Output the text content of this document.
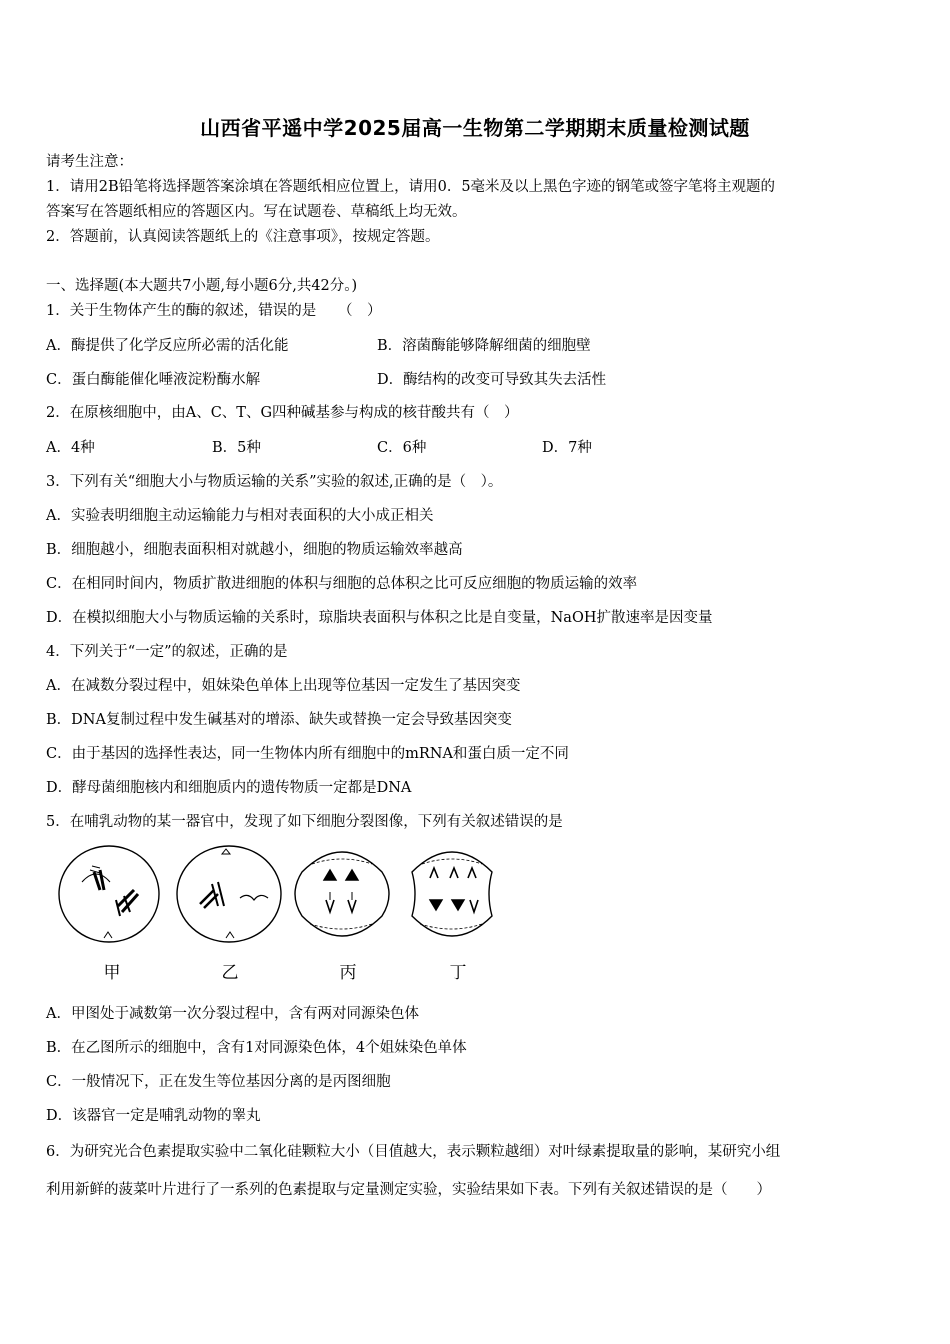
山西省平遥中学2025届高一生物第二学期期末质量检测试题
请考生注意：
1．请用2B铅笔将选择题答案涂填在答题纸相应位置上，请用0．5毫米及以上黑色字迹的钢笔或签字笔将主观题的
答案写在答题纸相应的答题区内。写在试题卷、草稿纸上均无效。
2．答题前，认真阅读答题纸上的《注意事项》，按规定答题。
一、选择题(本大题共7小题,每小题6分,共42分。)
1．关于生物体产生的酶的叙述，错误的是　　（　）
A．酶提供了化学反应所必需的活化能	B．溶菌酶能够降解细菌的细胞壁
C．蛋白酶能催化唾液淀粉酶水解	D．酶结构的改变可导致其失去活性
2．在原核细胞中，由A、C、T、G四种碱基参与构成的核苷酸共有（　）
A．4种	B．5种	C．6种	D．7种
3．下列有关“细胞大小与物质运输的关系”实验的叙述,正确的是（　）。
A．实验表明细胞主动运输能力与相对表面积的大小成正相关
B．细胞越小，细胞表面积相对就越小，细胞的物质运输效率越高
C．在相同时间内，物质扩散进细胞的体积与细胞的总体积之比可反应细胞的物质运输的效率
D．在模拟细胞大小与物质运输的关系时，琼脂块表面积与体积之比是自变量，NaOH扩散速率是因变量
4．下列关于“一定”的叙述，正确的是
A．在减数分裂过程中，姐妹染色单体上出现等位基因一定发生了基因突变
B．DNA复制过程中发生碱基对的增添、缺失或替换一定会导致基因突变
C．由于基因的选择性表达，同一生物体内所有细胞中的mRNA和蛋白质一定不同
D．酵母菌细胞核内和细胞质内的遗传物质一定都是DNA
5．在哺乳动物的某一器官中，发现了如下细胞分裂图像，下列有关叙述错误的是
甲	乙	丙	丁
A．甲图处于减数第一次分裂过程中，含有两对同源染色体
B．在乙图所示的细胞中，含有1对同源染色体，4个姐妹染色单体
C．一般情况下，正在发生等位基因分离的是丙图细胞
D．该器官一定是哺乳动物的睾丸
6．为研究光合色素提取实验中二氧化硅颗粒大小（目值越大，表示颗粒越细）对叶绿素提取量的影响，某研究小组
利用新鲜的菠菜叶片进行了一系列的色素提取与定量测定实验，实验结果如下表。下列有关叙述错误的是（　　）
